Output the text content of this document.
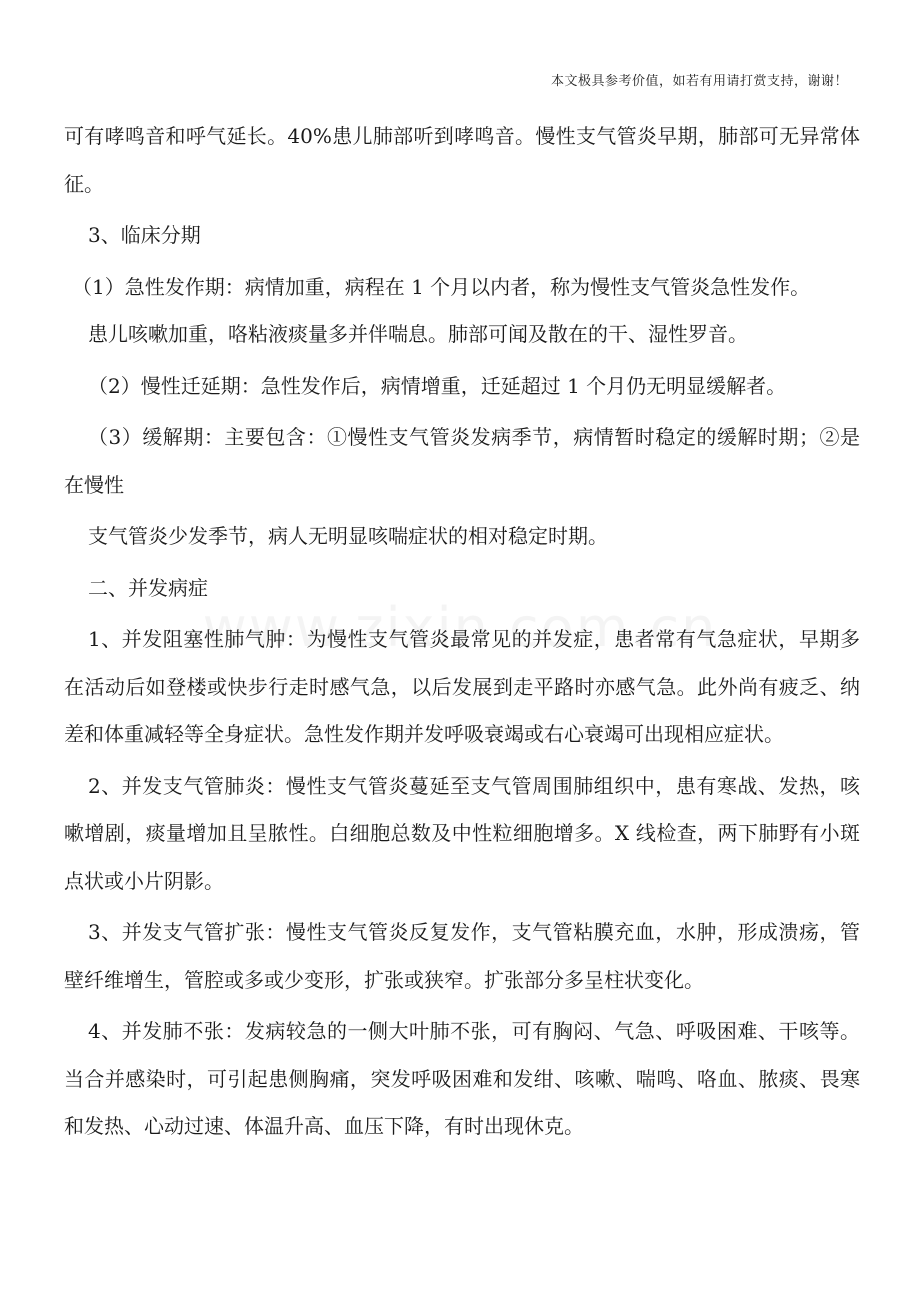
本文极具参考价值，如若有用请打赏支持，谢谢！

可有哮鸣音和呼气延长。40%患儿肺部听到哮鸣音。慢性支气管炎早期，肺部可无异常体征。

3、临床分期

（1）急性发作期：病情加重，病程在 1 个月以内者，称为慢性支气管炎急性发作。

患儿咳嗽加重，咯粘液痰量多并伴喘息。肺部可闻及散在的干、湿性罗音。

（2）慢性迁延期：急性发作后，病情增重，迁延超过 1 个月仍无明显缓解者。

（3）缓解期：主要包含：①慢性支气管炎发病季节，病情暂时稳定的缓解时期；②是在慢性

支气管炎少发季节，病人无明显咳喘症状的相对稳定时期。

二、并发病症

1、并发阻塞性肺气肿：为慢性支气管炎最常见的并发症，患者常有气急症状，早期多在活动后如登楼或快步行走时感气急，以后发展到走平路时亦感气急。此外尚有疲乏、纳差和体重减轻等全身症状。急性发作期并发呼吸衰竭或右心衰竭可出现相应症状。

2、并发支气管肺炎：慢性支气管炎蔓延至支气管周围肺组织中，患有寒战、发热，咳嗽增剧，痰量增加且呈脓性。白细胞总数及中性粒细胞增多。X 线检查，两下肺野有小斑点状或小片阴影。

3、并发支气管扩张：慢性支气管炎反复发作，支气管粘膜充血，水肿，形成溃疡，管壁纤维增生，管腔或多或少变形，扩张或狭窄。扩张部分多呈柱状变化。

4、并发肺不张：发病较急的一侧大叶肺不张，可有胸闷、气急、呼吸困难、干咳等。当合并感染时，可引起患侧胸痛，突发呼吸困难和发绀、咳嗽、喘鸣、咯血、脓痰、畏寒和发热、心动过速、体温升高、血压下降，有时出现休克。
